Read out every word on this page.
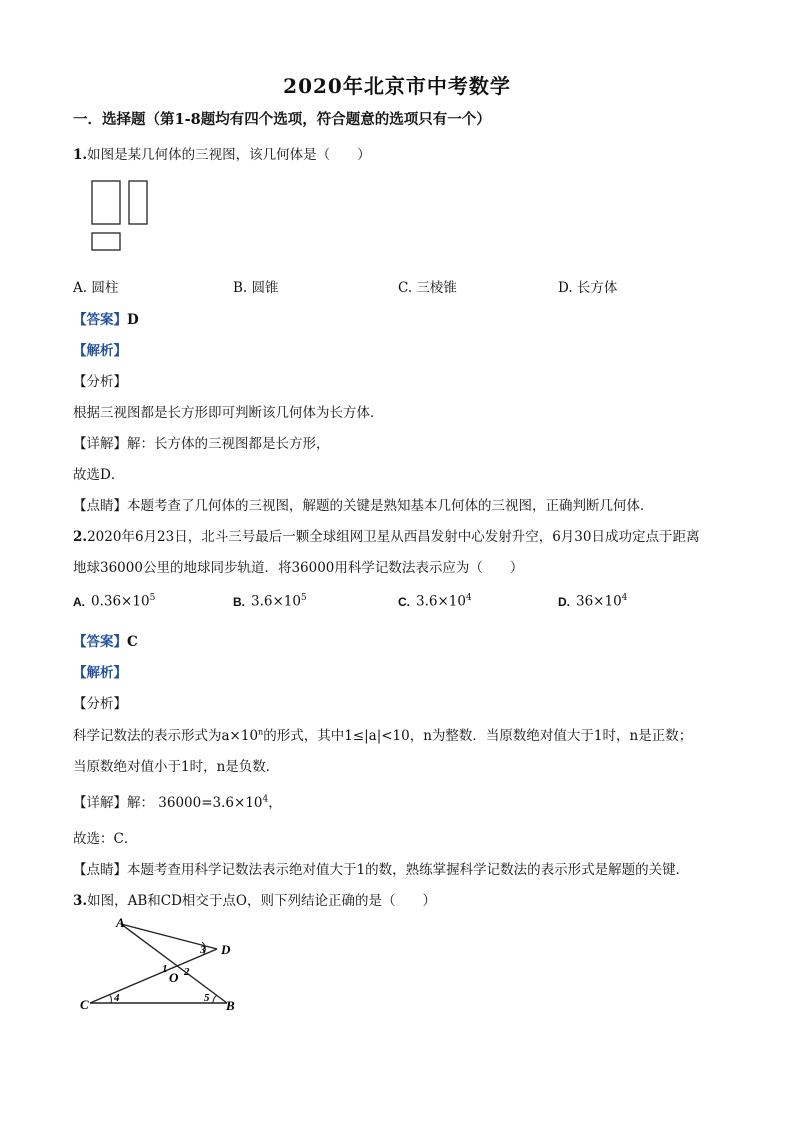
2020年北京市中考数学
一．选择题（第1-8题均有四个选项，符合题意的选项只有一个）
1.如图是某几何体的三视图，该几何体是（　　）
A. 圆柱	B. 圆锥	C. 三棱锥	D. 长方体
【答案】D
【解析】
【分析】
根据三视图都是长方形即可判断该几何体为长方体．
【详解】解：长方体的三视图都是长方形，
故选D．
【点睛】本题考查了几何体的三视图，解题的关键是熟知基本几何体的三视图，正确判断几何体．
2.2020年6月23日，北斗三号最后一颗全球组网卫星从西昌发射中心发射升空，6月30日成功定点于距离
地球36000公里的地球同步轨道．将36000用科学记数法表示应为（　　）
A. $0.36\times 10^5$	B. $3.6\times 10^5$	C. $3.6\times 10^4$	D. $36\times 10^4$
【答案】C
【解析】
【分析】
科学记数法的表示形式为$a\times 10^n$的形式，其中1≤|a|<10，n为整数．当原数绝对值大于1时，n是正数；
当原数绝对值小于1时，n是负数．
【详解】解： $36000=3.6\times 10^4$，
故选：C．
【点睛】本题考查用科学记数法表示绝对值大于1的数，熟练掌握科学记数法的表示形式是解题的关键．
3.如图，AB和CD相交于点O，则下列结论正确的是（　　）
A
D
O
C	B
1 2
3
4	5
